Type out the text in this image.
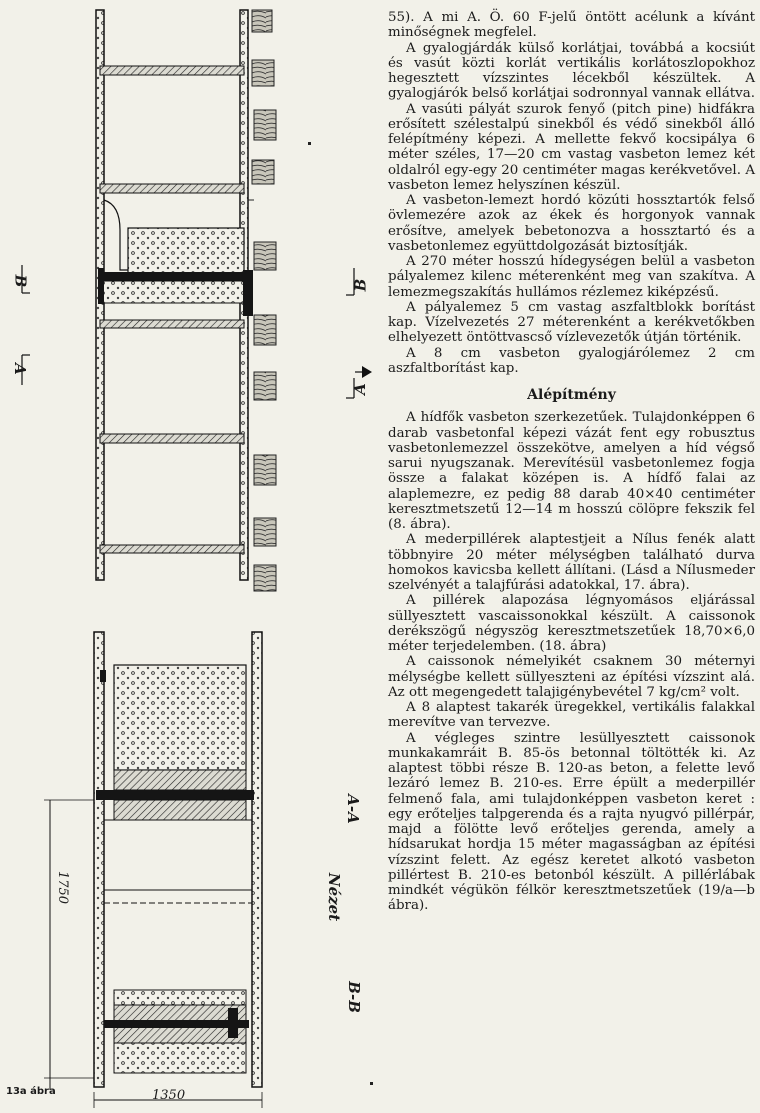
B
A
B
A
A-A
Nézet
B-B
1750
1350
13a ábra

55). A mi A. Ö. 60 F-jelű öntött acélunk a kívánt minőségnek megfelel.

A gyalogjárdák külső korlátjai, továbbá a kocsiút és vasút közti korlát vertikális korlátoszlopokhoz hegesztett vízszintes lécekből készültek. A gyalogjárók belső korlátjai sodronnyal vannak ellátva.

A vasúti pályát szurok fenyő (pitch pine) hidfákra erősített szélestalpú sinekből és védő sinekből álló felépítmény képezi. A mellette fekvő kocsipálya 6 méter széles, 17—20 cm vastag vasbeton lemez két oldalról egy-egy 20 centiméter magas kerékvetővel. A vasbeton lemez helyszínen készül.

A vasbeton-lemezt hordó közúti hossztartók felső övlemezére azok az ékek és horgonyok vannak erősítve, amelyek bebetonozva a hossztartó és a vasbetonlemez együttdolgozását biztosítják.

A 270 méter hosszú hídegységen belül a vasbeton pályalemez kilenc méterenként meg van szakítva. A lemezmegszakítás hullámos rézlemez kiképzésű.

A pályalemez 5 cm vastag aszfaltblokk borítást kap. Vízelvezetés 27 méterenként a kerékvetőkben elhelyezett öntöttvascső vízlevezetők útján történik.

A 8 cm vasbeton gyalogjárólemez 2 cm aszfaltborítást kap.

Alépítmény

A hídfők vasbeton szerkezetűek. Tulajdonképpen 6 darab vasbetonfal képezi vázát fent egy robusztus vasbetonlemezzel összekötve, amelyen a híd végső sarui nyugszanak. Merevítésül vasbetonlemez fogja össze a falakat középen is. A hídfő falai az alaplemezre, ez pedig 88 darab 40×40 centiméter keresztmetszetű 12—14 m hosszú cölöpre fekszik fel (8. ábra).

A mederpillérek alaptestjeit a Nílus fenék alatt többnyire 20 méter mélységben található durva homokos kavicsba kellett állítani. (Lásd a Nílusmeder szelvényét a talajfúrási adatokkal, 17. ábra).

A pillérek alapozása légnyomásos eljárással süllyesztett vascaissonokkal készült. A caissonok derékszögű négyszög keresztmetszetűek 18,70×6,0 méter terjedelemben. (18. ábra)

A caissonok némelyikét csaknem 30 méternyi mélységbe kellett süllyeszteni az építési vízszint alá. Az ott megengedett talajigénybevétel 7 kg/cm² volt.

A 8 alaptest takarék üregekkel, vertikális falakkal merevítve van tervezve.

A végleges szintre lesüllyesztett caissonok munkakamráit B. 85-ös betonnal töltötték ki. Az alaptest többi része B. 120-as beton, a felette levő lezáró lemez B. 210-es. Erre épült a mederpillér felmenő fala, ami tulajdonképpen vasbeton keret : egy erőteljes talpgerenda és a rajta nyugvó pillérpár, majd a fölötte levő erőteljes gerenda, amely a hídsarukat hordja 15 méter magasságban az építési vízszint felett. Az egész keretet alkotó vasbeton pillértest B. 210-es betonból készült. A pillérlábak mindkét végükön félkör keresztmetszetűek (19/a—b ábra).
